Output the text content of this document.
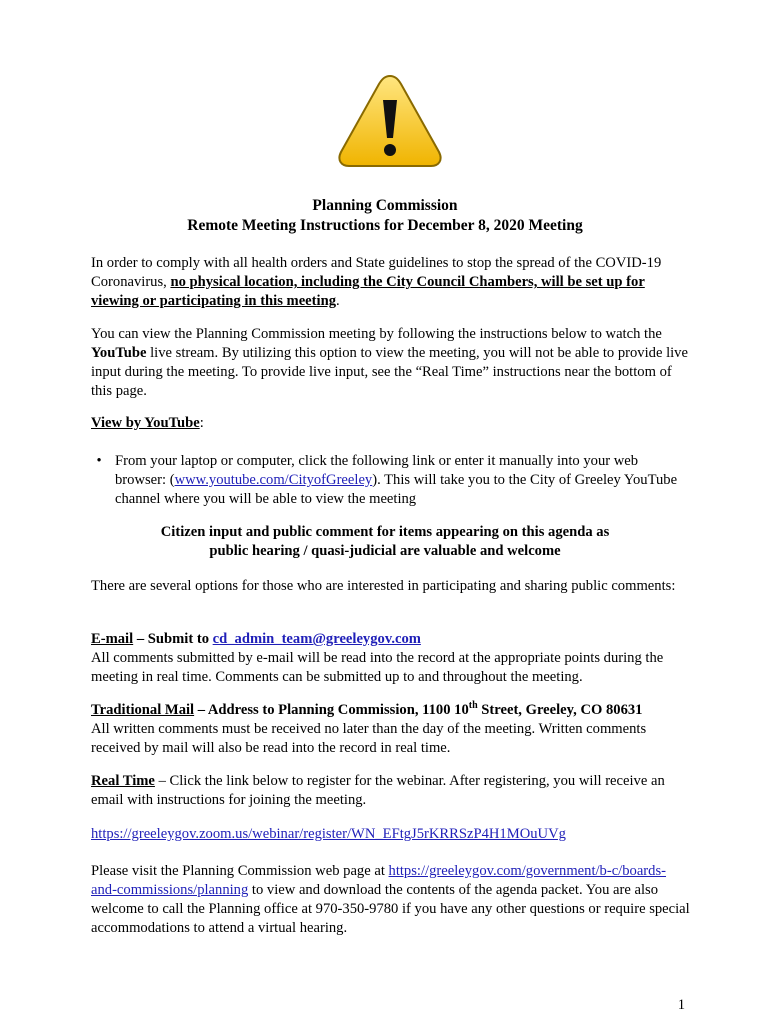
Planning Commission

Remote Meeting Instructions for December 8, 2020 Meeting

In order to comply with all health orders and State guidelines to stop the spread of the COVID-19 Coronavirus, no physical location, including the City Council Chambers, will be set up for viewing or participating in this meeting.

You can view the Planning Commission meeting by following the instructions below to watch the YouTube live stream. By utilizing this option to view the meeting, you will not be able to provide live input during the meeting. To provide live input, see the “Real Time” instructions near the bottom of this page.

View by YouTube:

• From your laptop or computer, click the following link or enter it manually into your web browser: (www.youtube.com/CityofGreeley). This will take you to the City of Greeley YouTube channel where you will be able to view the meeting

Citizen input and public comment for items appearing on this agenda as

public hearing / quasi-judicial are valuable and welcome

There are several options for those who are interested in participating and sharing public comments:

E-mail – Submit to cd_admin_team@greeleygov.com

All comments submitted by e-mail will be read into the record at the appropriate points during the meeting in real time. Comments can be submitted up to and throughout the meeting.

Traditional Mail – Address to Planning Commission, 1100 10th Street, Greeley, CO 80631

All written comments must be received no later than the day of the meeting. Written comments received by mail will also be read into the record in real time.

Real Time – Click the link below to register for the webinar. After registering, you will receive an email with instructions for joining the meeting.

https://greeleygov.zoom.us/webinar/register/WN_EFtgJ5rKRRSzP4H1MOuUVg

Please visit the Planning Commission web page at https://greeleygov.com/government/b-c/boards-and-commissions/planning to view and download the contents of the agenda packet. You are also welcome to call the Planning office at 970-350-9780 if you have any other questions or require special accommodations to attend a virtual hearing.

1
